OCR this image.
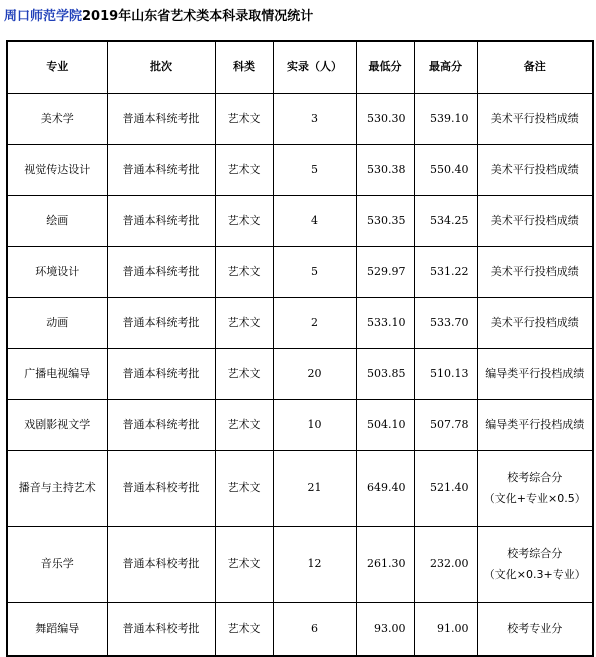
周口师范学院2019年山东省艺术类本科录取情况统计
专业	批次	科类	实录（人）	最低分	最高分	备注
美术学	普通本科统考批	艺术文	3	530.30	539.10	美术平行投档成绩

视觉传达设计	普通本科统考批	艺术文	5	530.38	550.40	美术平行投档成绩

绘画	普通本科统考批	艺术文	4	530.35	534.25	美术平行投档成绩

环境设计	普通本科统考批	艺术文	5	529.97	531.22	美术平行投档成绩

动画	普通本科统考批	艺术文	2	533.10	533.70	美术平行投档成绩

广播电视编导	普通本科统考批	艺术文	20	503.85	510.13	编导类平行投档成绩

戏剧影视文学	普通本科统考批	艺术文	10	504.10	507.78	编导类平行投档成绩

播音与主持艺术	普通本科校考批	艺术文	21	649.40	521.40	校考综合分
（文化+专业×0.5）

音乐学	普通本科校考批	艺术文	12	261.30	232.00	校考综合分
（文化×0.3+专业）

舞蹈编导	普通本科校考批	艺术文	6	93.00	91.00	校考专业分
